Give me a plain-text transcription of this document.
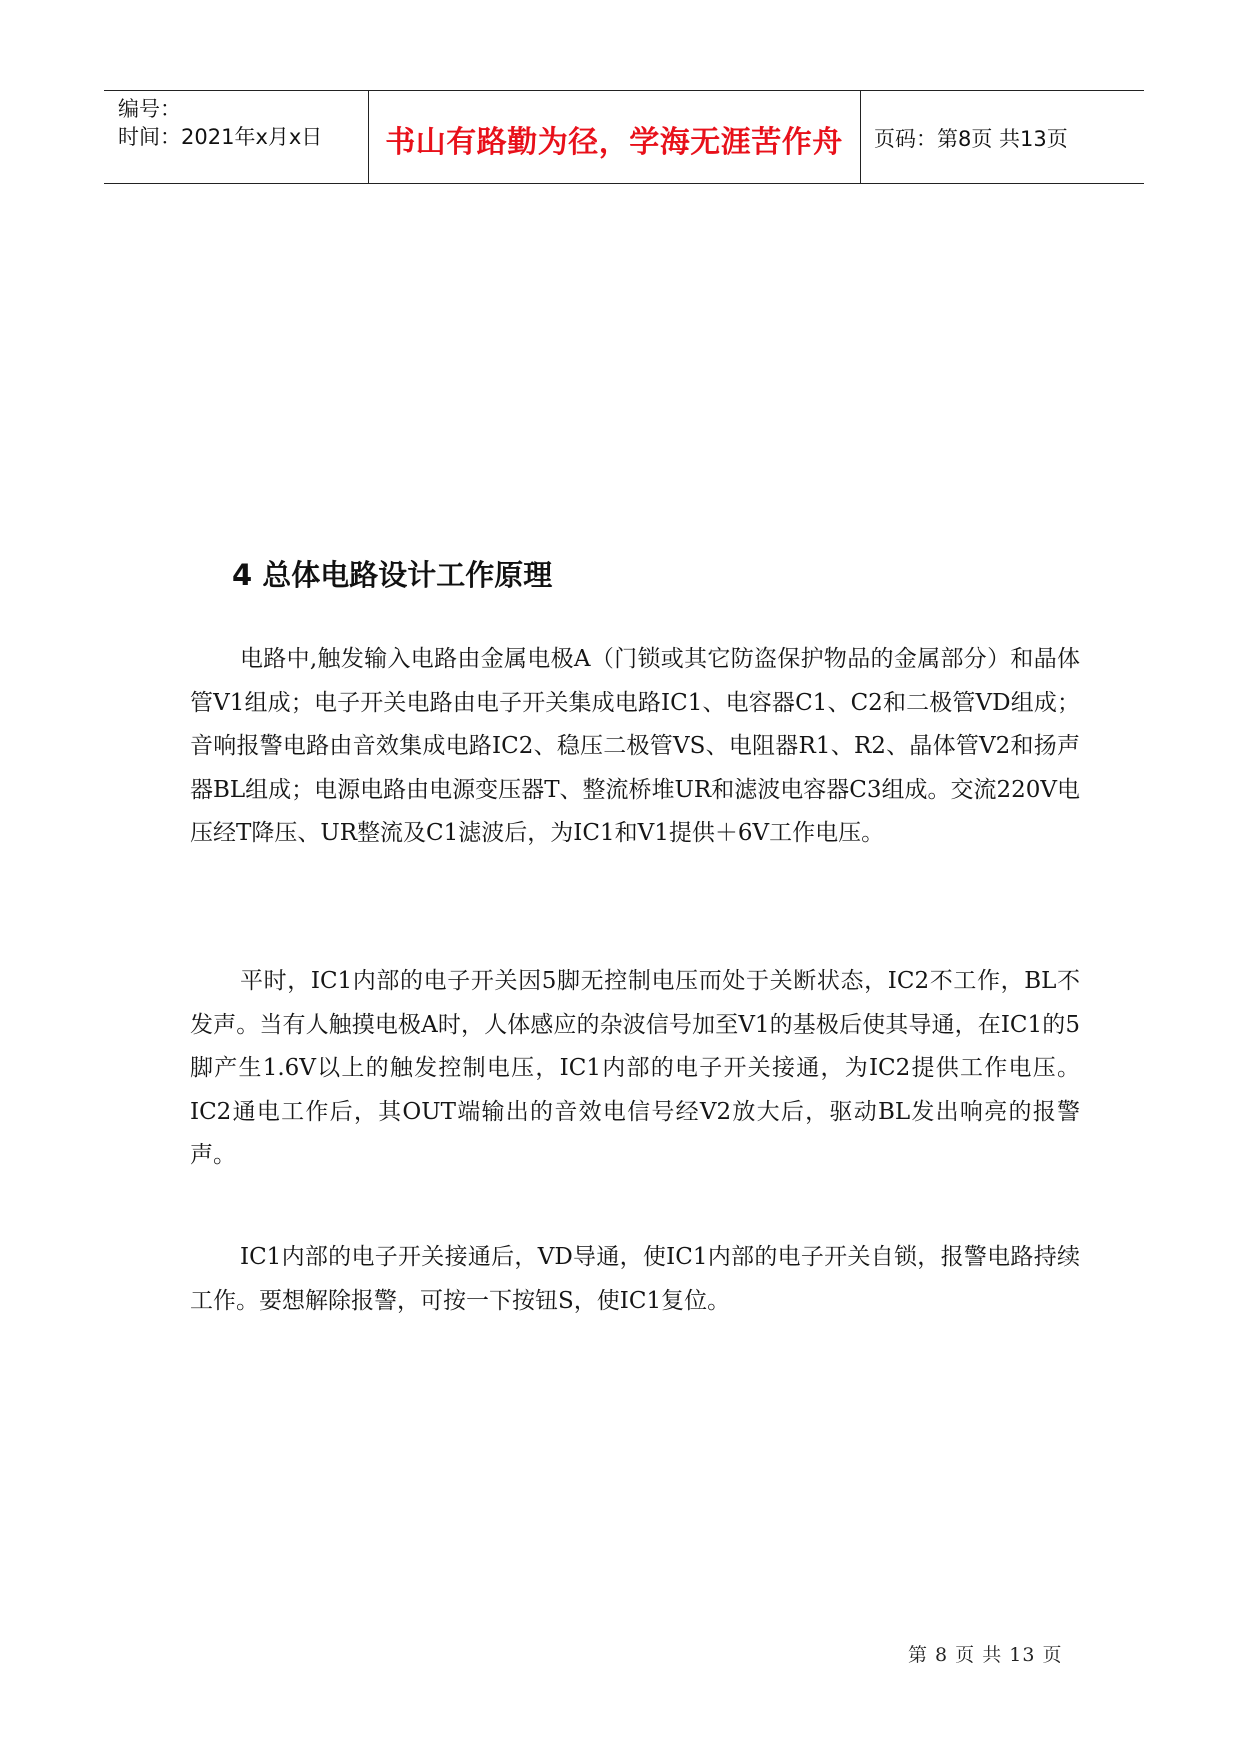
编号：
时间：2021年x月x日	书山有路勤为径，学海无涯苦作舟	页码：第8页 共13页
4 总体电路设计工作原理

电路中,触发输入电路由金属电极A（门锁或其它防盗保护物品的金属部分）和晶体管V1组成；电子开关电路由电子开关集成电路IC1、电容器C1、C2和二极管VD组成；音响报警电路由音效集成电路IC2、稳压二极管VS、电阻器R1、R2、晶体管V2和扬声器BL组成；电源电路由电源变压器T、整流桥堆UR和滤波电容器C3组成。交流220V电压经T降压、UR整流及C1滤波后，为IC1和V1提供＋6V工作电压。

平时，IC1内部的电子开关因5脚无控制电压而处于关断状态，IC2不工作，BL不发声。当有人触摸电极A时，人体感应的杂波信号加至V1的基极后使其导通，在IC1的5脚产生1.6V以上的触发控制电压，IC1内部的电子开关接通，为IC2提供工作电压。IC2通电工作后，其OUT端输出的音效电信号经V2放大后，驱动BL发出响亮的报警声。

IC1内部的电子开关接通后，VD导通，使IC1内部的电子开关自锁，报警电路持续工作。要想解除报警，可按一下按钮S，使IC1复位。

第 8 页 共 13 页
